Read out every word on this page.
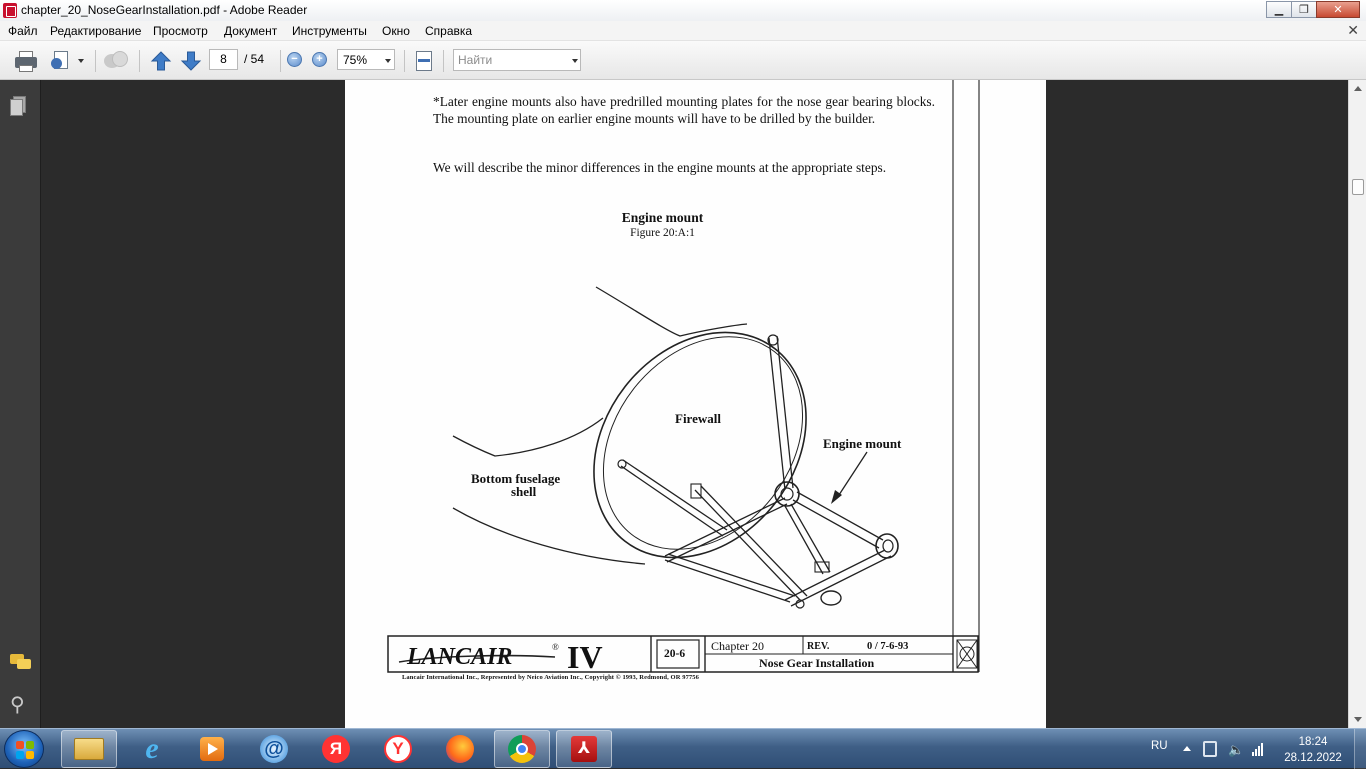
chapter_20_NoseGearInstallation.pdf - Adobe Reader	▁	❐	✕
Файл Редактирование Просмотр Документ Инструменты Окно Справка	✕
8	/ 54	−	+	75%
Найти
⚲
*Later engine mounts also have predrilled mounting plates for the nose gear bearing blocks. The mounting plate on earlier engine mounts will have to be drilled by the builder.
We will describe the minor differences in the engine mounts at the appropriate steps.
Engine mount
Figure 20:A:1
Firewall
Engine mount
Bottom fuselage
shell
LANCAIR	® IV	20-6
Chapter 20	REV.	0 / 7-6-93
Nose Gear Installation
Lancair International Inc., Represented by Neico Aviation Inc., Copyright © 1993, Redmond, OR 97756
e	@	Я	Y	⅄	RU	🔈	18:24
28.12.2022
